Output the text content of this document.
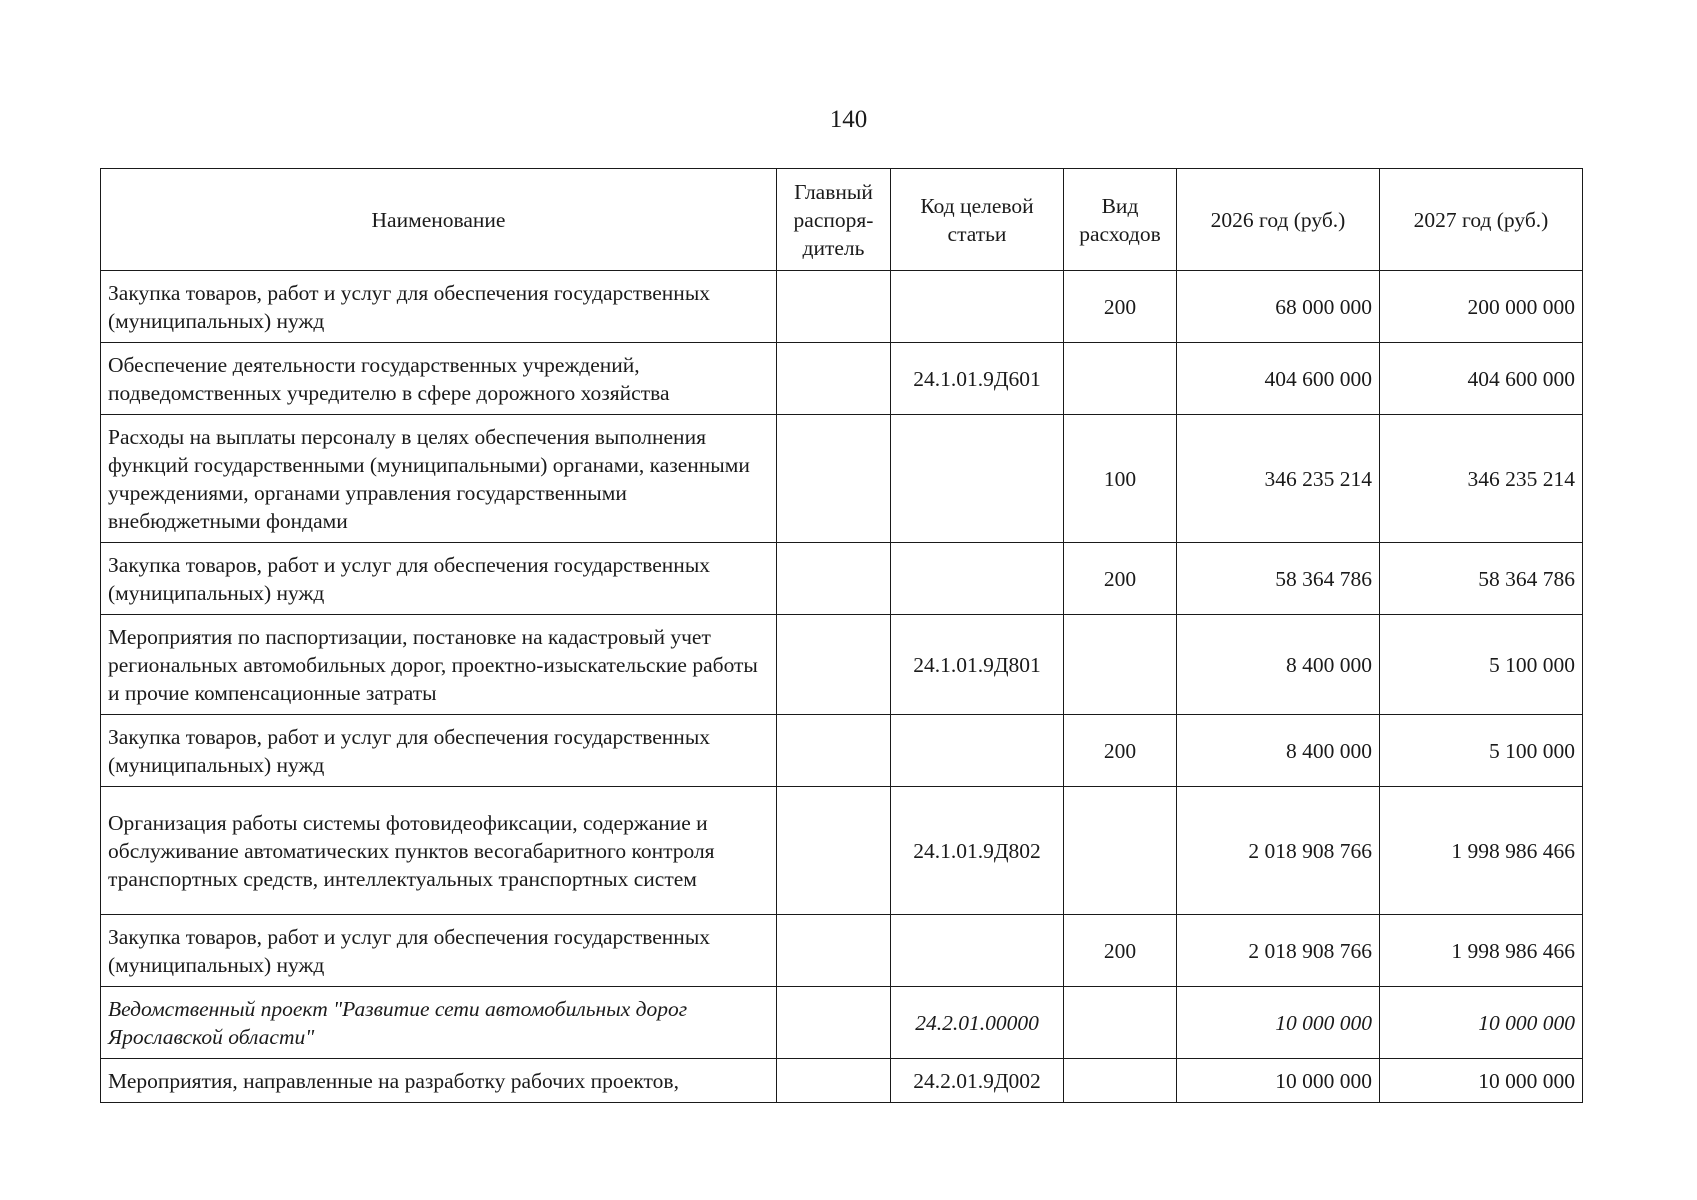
140
Наименование	Главный распоря-дитель	Код целевой статьи	Вид расходов	2026 год (руб.)	2027 год (руб.)
Закупка товаров, работ и услуг для обеспечения государственных (муниципальных) нужд			200	68 000 000	200 000 000
Обеспечение деятельности государственных учреждений, подведомственных учредителю в сфере дорожного хозяйства		24.1.01.9Д601		404 600 000	404 600 000
Расходы на выплаты персоналу в целях обеспечения выполнения функций государственными (муниципальными) органами, казенными учреждениями, органами управления государственными внебюджетными фондами			100	346 235 214	346 235 214
Закупка товаров, работ и услуг для обеспечения государственных (муниципальных) нужд			200	58 364 786	58 364 786
Мероприятия по паспортизации, постановке на кадастровый учет региональных автомобильных дорог, проектно-изыскательские работы и прочие компенсационные затраты		24.1.01.9Д801		8 400 000	5 100 000
Закупка товаров, работ и услуг для обеспечения государственных (муниципальных) нужд			200	8 400 000	5 100 000
Организация работы системы фотовидеофиксации, содержание и обслуживание автоматических пунктов весогабаритного контроля транспортных средств, интеллектуальных транспортных систем		24.1.01.9Д802		2 018 908 766	1 998 986 466
Закупка товаров, работ и услуг для обеспечения государственных (муниципальных) нужд			200	2 018 908 766	1 998 986 466
Ведомственный проект "Развитие сети автомобильных дорог Ярославской области"		24.2.01.00000		10 000 000	10 000 000
Мероприятия, направленные на разработку рабочих проектов,		24.2.01.9Д002		10 000 000	10 000 000
